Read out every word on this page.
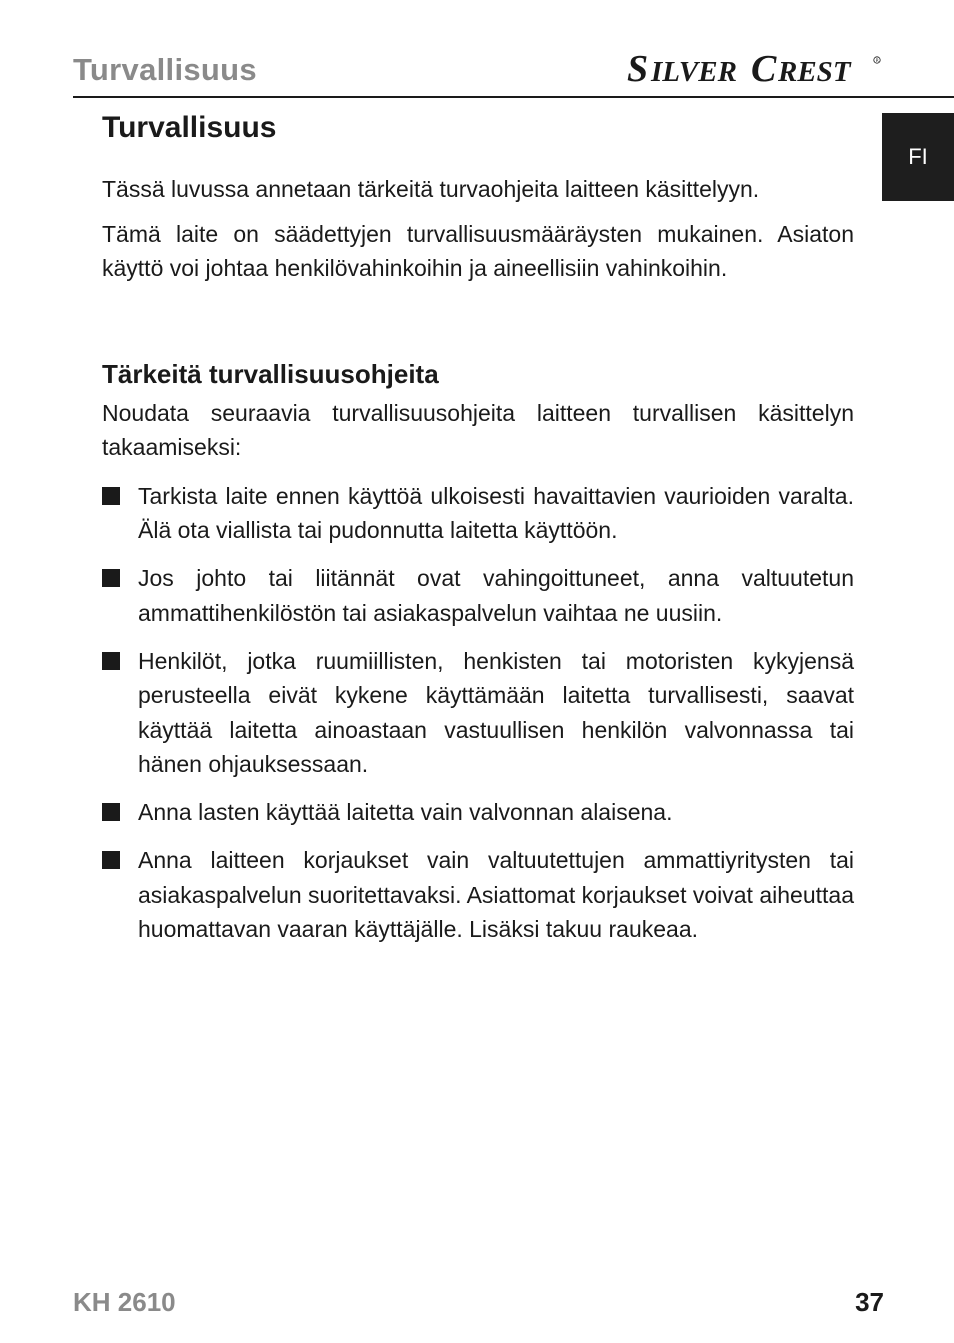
Turvallisuus	S ILVER C REST	R
FI
Turvallisuus

Tässä luvussa annetaan tärkeitä turvaohjeita laitteen käsittelyyn.

Tämä laite on säädettyjen turvallisuusmääräysten mukainen. Asiaton käyttö voi johtaa henkilövahinkoihin ja aineellisiin vahinkoihin.

Tärkeitä turvallisuusohjeita

Noudata seuraavia turvallisuusohjeita laitteen turvallisen käsittelyn takaamiseksi:

Tarkista laite ennen käyttöä ulkoisesti havaittavien vaurioiden varalta. Älä ota viallista tai pudonnutta laitetta käyttöön.
Jos johto tai liitännät ovat vahingoittuneet, anna valtuutetun ammattihenkilöstön tai asiakaspalvelun vaihtaa ne uusiin.
Henkilöt, jotka ruumiillisten, henkisten tai motoristen kykyjensä perusteella eivät kykene käyttämään laitetta turvallisesti, saavat käyttää laitetta ainoastaan vastuullisen henkilön valvonnassa tai hänen ohjauksessaan.
Anna lasten käyttää laitetta vain valvonnan alaisena.
Anna laitteen korjaukset vain valtuutettujen ammattiyritysten tai asiakaspalvelun suoritettavaksi. Asiattomat korjaukset voivat aiheuttaa huomattavan vaaran käyttäjälle. Lisäksi takuu raukeaa.
KH 2610	37
